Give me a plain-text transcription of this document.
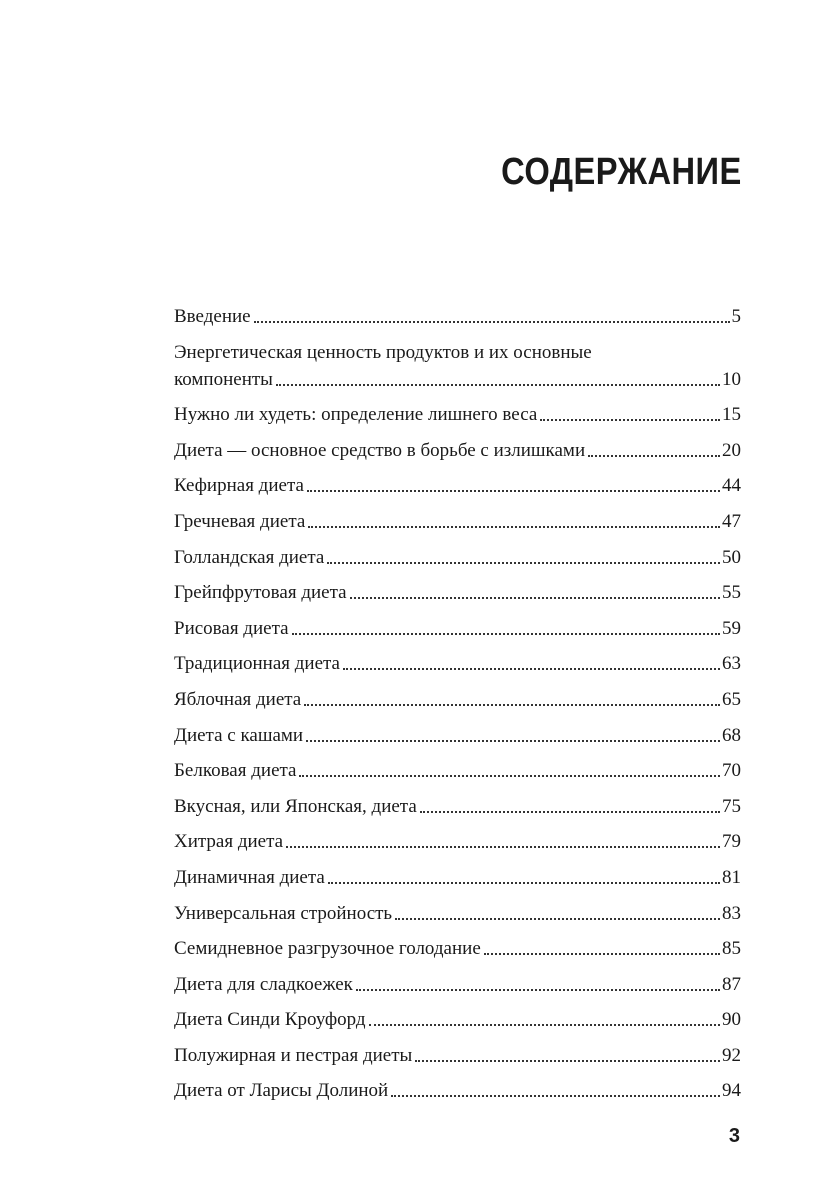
СОДЕРЖАНИЕ
Введение	5
Энергетическая ценность продуктов и их основные
компоненты	10
Нужно ли худеть: определение лишнего веса	15
Диета — основное средство в борьбе с излишками	20
Кефирная диета	44
Гречневая диета	47
Голландская диета	50
Грейпфрутовая диета	55
Рисовая диета	59
Традиционная диета	63
Яблочная диета	65
Диета с кашами	68
Белковая диета	70
Вкусная, или Японская, диета	75
Хитрая диета	79
Динамичная диета	81
Универсальная стройность	83
Семидневное разгрузочное голодание	85
Диета для сладкоежек	87
Диета Синди Кроуфорд	90
Полужирная и пестрая диеты	92
Диета от Ларисы Долиной	94
3
